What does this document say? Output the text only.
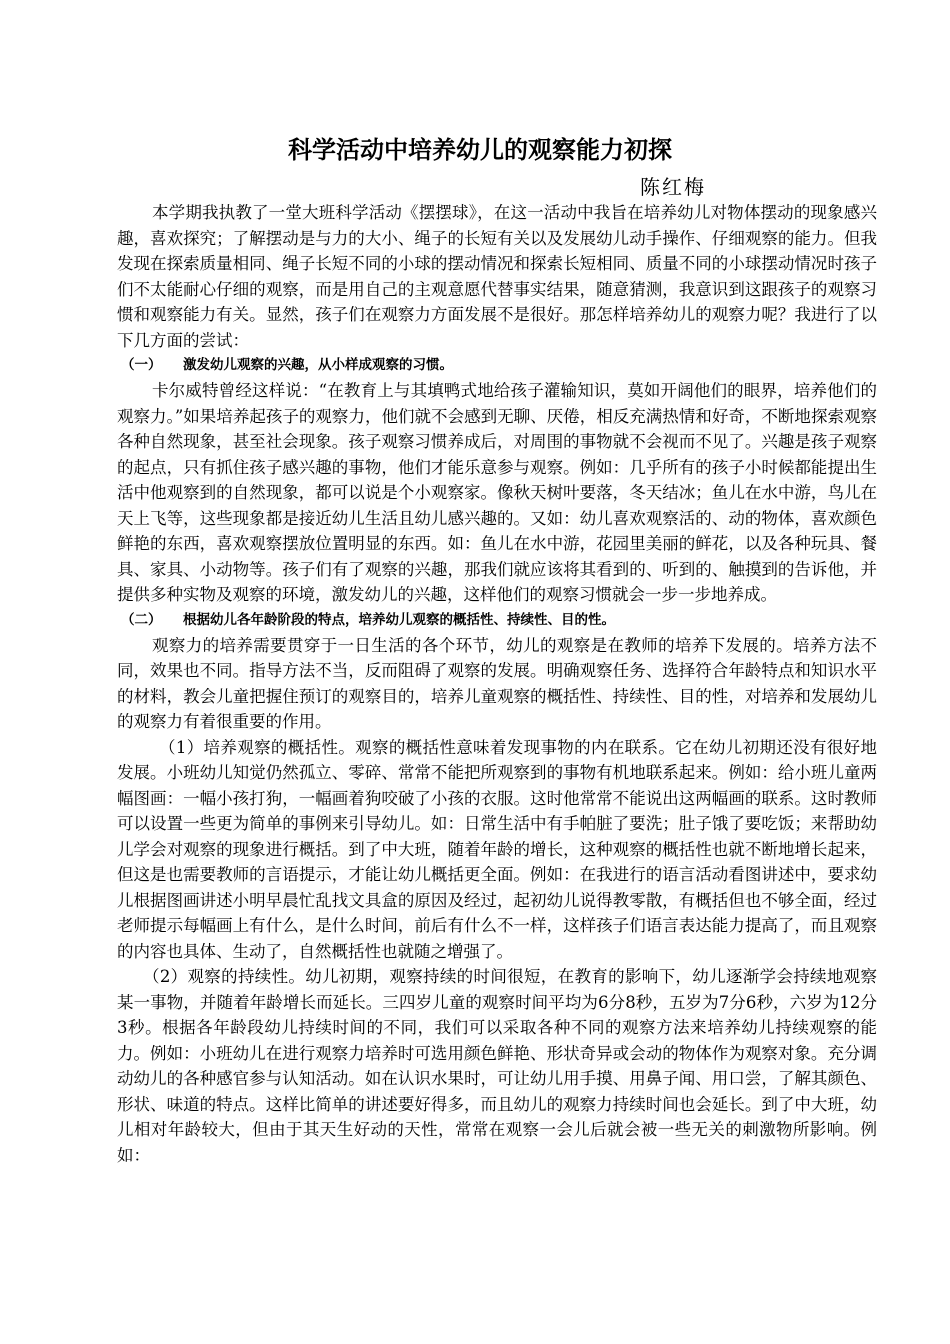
科学活动中培养幼儿的观察能力初探
陈红梅

本学期我执教了一堂大班科学活动《摆摆球》，在这一活动中我旨在培养幼儿对物体摆动的现象感兴趣，喜欢探究；了解摆动是与力的大小、绳子的长短有关以及发展幼儿动手操作、仔细观察的能力。但我发现在探索质量相同、绳子长短不同的小球的摆动情况和探索长短相同、质量不同的小球摆动情况时孩子们不太能耐心仔细的观察，而是用自己的主观意愿代替事实结果，随意猜测，我意识到这跟孩子的观察习惯和观察能力有关。显然，孩子们在观察力方面发展不是很好。那怎样培养幼儿的观察力呢？我进行了以下几方面的尝试：

（一） 激发幼儿观察的兴趣，从小样成观察的习惯。

卡尔威特曾经这样说：“在教育上与其填鸭式地给孩子灌输知识，莫如开阔他们的眼界，培养他们的观察力。”如果培养起孩子的观察力，他们就不会感到无聊、厌倦，相反充满热情和好奇，不断地探索观察各种自然现象，甚至社会现象。孩子观察习惯养成后，对周围的事物就不会视而不见了。兴趣是孩子观察的起点，只有抓住孩子感兴趣的事物，他们才能乐意参与观察。例如：几乎所有的孩子小时候都能提出生活中他观察到的自然现象，都可以说是个小观察家。像秋天树叶要落，冬天结冰；鱼儿在水中游，鸟儿在天上飞等，这些现象都是接近幼儿生活且幼儿感兴趣的。又如：幼儿喜欢观察活的、动的物体，喜欢颜色鲜艳的东西，喜欢观察摆放位置明显的东西。如：鱼儿在水中游，花园里美丽的鲜花，以及各种玩具、餐具、家具、小动物等。孩子们有了观察的兴趣，那我们就应该将其看到的、听到的、触摸到的告诉他，并提供多种实物及观察的环境，激发幼儿的兴趣，这样他们的观察习惯就会一步一步地养成。

（二） 根据幼儿各年龄阶段的特点，培养幼儿观察的概括性、持续性、目的性。

观察力的培养需要贯穿于一日生活的各个环节，幼儿的观察是在教师的培养下发展的。培养方法不同，效果也不同。指导方法不当，反而阻碍了观察的发展。明确观察任务、选择符合年龄特点和知识水平的材料，教会儿童把握住预订的观察目的，培养儿童观察的概括性、持续性、目的性，对培养和发展幼儿的观察力有着很重要的作用。

（1）培养观察的概括性。观察的概括性意味着发现事物的内在联系。它在幼儿初期还没有很好地发展。小班幼儿知觉仍然孤立、零碎、常常不能把所观察到的事物有机地联系起来。例如：给小班儿童两幅图画：一幅小孩打狗，一幅画着狗咬破了小孩的衣服。这时他常常不能说出这两幅画的联系。这时教师可以设置一些更为简单的事例来引导幼儿。如：日常生活中有手帕脏了要洗；肚子饿了要吃饭；来帮助幼儿学会对观察的现象进行概括。到了中大班，随着年龄的增长，这种观察的概括性也就不断地增长起来，但这是也需要教师的言语提示，才能让幼儿概括更全面。例如：在我进行的语言活动看图讲述中，要求幼儿根据图画讲述小明早晨忙乱找文具盒的原因及经过，起初幼儿说得教零散，有概括但也不够全面，经过老师提示每幅画上有什么，是什么时间，前后有什么不一样，这样孩子们语言表达能力提高了，而且观察的内容也具体、生动了，自然概括性也就随之增强了。

（2）观察的持续性。幼儿初期，观察持续的时间很短，在教育的影响下，幼儿逐渐学会持续地观察某一事物，并随着年龄增长而延长。三四岁儿童的观察时间平均为6分8秒，五岁为7分6秒，六岁为12分3秒。根据各年龄段幼儿持续时间的不同，我们可以采取各种不同的观察方法来培养幼儿持续观察的能力。例如：小班幼儿在进行观察力培养时可选用颜色鲜艳、形状奇异或会动的物体作为观察对象。充分调动幼儿的各种感官参与认知活动。如在认识水果时，可让幼儿用手摸、用鼻子闻、用口尝，了解其颜色、形状、味道的特点。这样比简单的讲述要好得多，而且幼儿的观察力持续时间也会延长。到了中大班，幼儿相对年龄较大，但由于其天生好动的天性，常常在观察一会儿后就会被一些无关的刺激物所影响。例如：
